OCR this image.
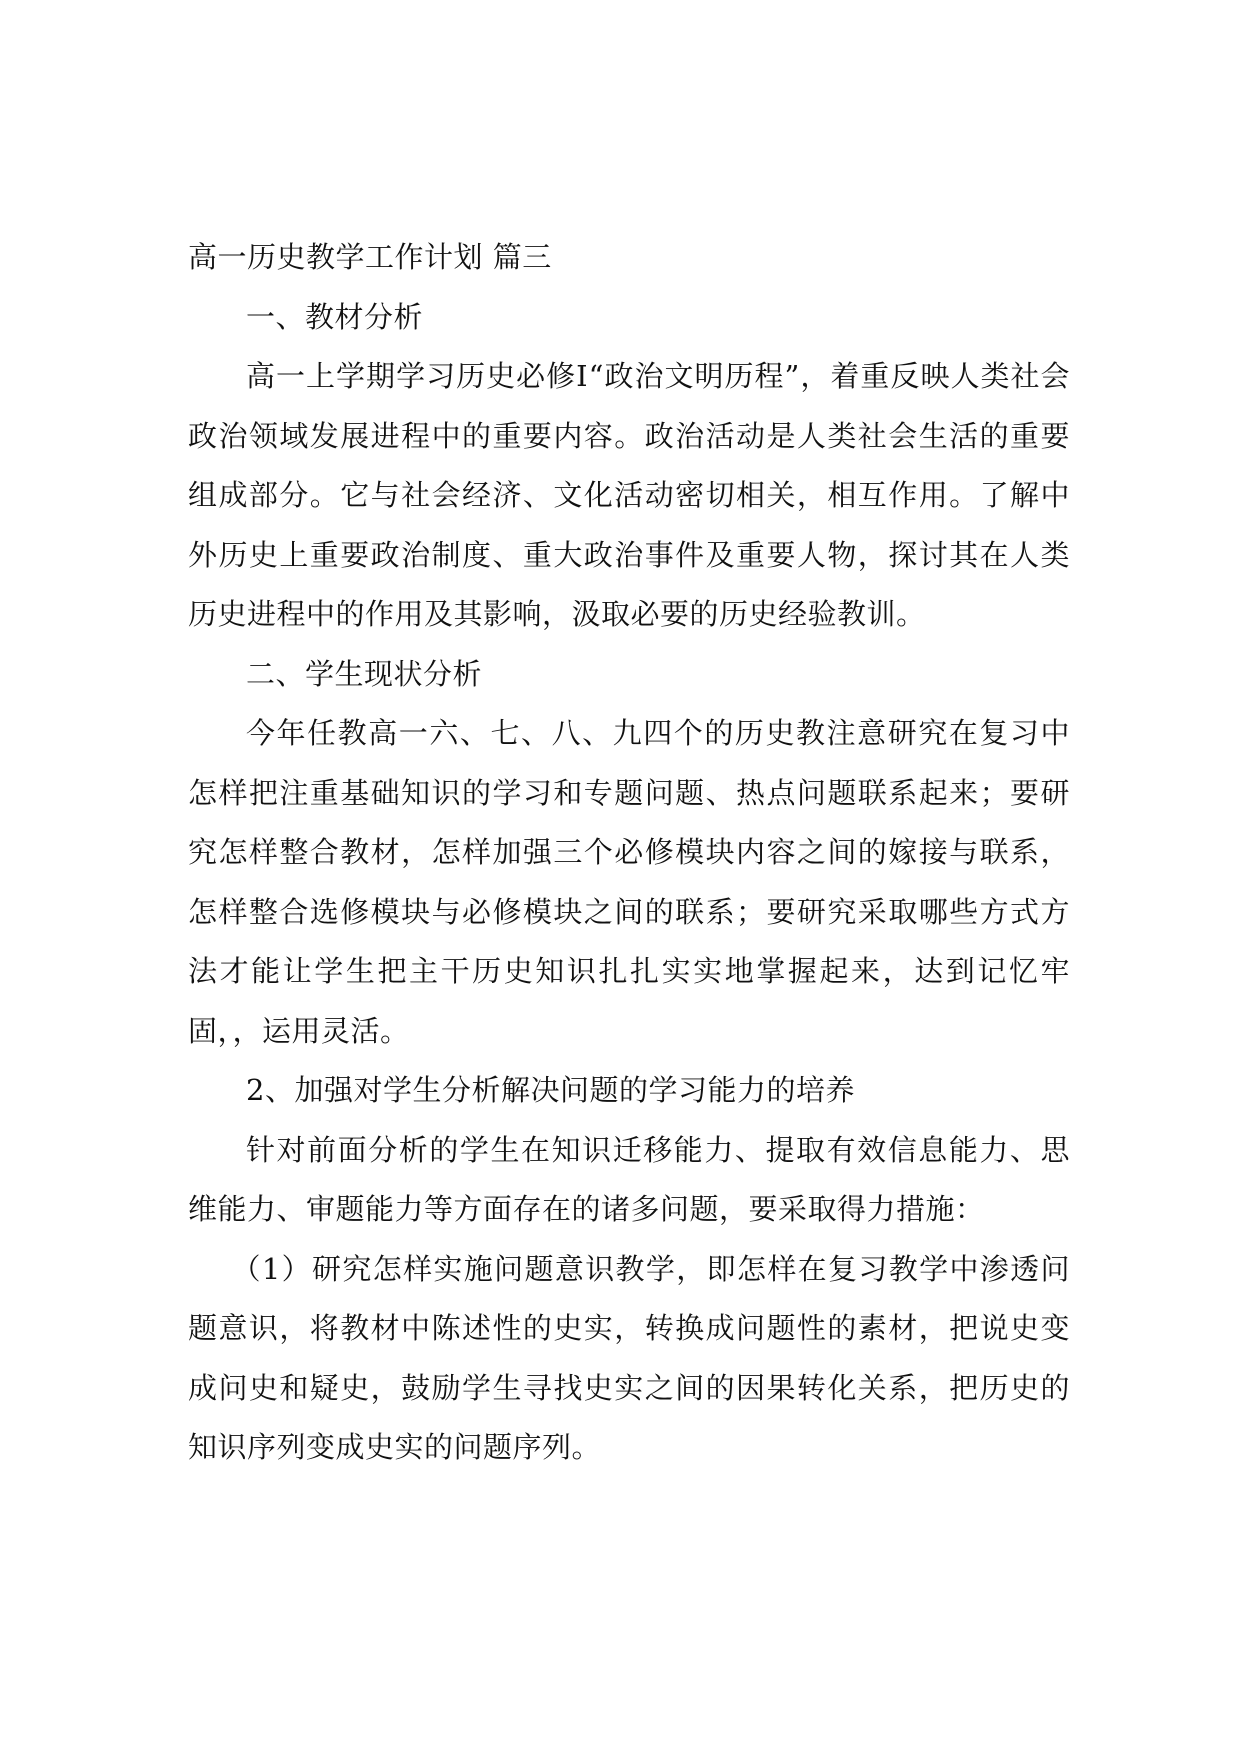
高一历史教学工作计划 篇三

一、教材分析

高一上学期学习历史必修Ⅰ“政治文明历程”，着重反映人类社会政治领域发展进程中的重要内容。政治活动是人类社会生活的重要组成部分。它与社会经济、文化活动密切相关，相互作用。了解中外历史上重要政治制度、重大政治事件及重要人物，探讨其在人类历史进程中的作用及其影响，汲取必要的历史经验教训。

二、学生现状分析

今年任教高一六、七、八、九四个的历史教注意研究在复习中怎样把注重基础知识的学习和专题问题、热点问题联系起来；要研究怎样整合教材，怎样加强三个必修模块内容之间的嫁接与联系，怎样整合选修模块与必修模块之间的联系；要研究采取哪些方式方法才能让学生把主干历史知识扎扎实实地掌握起来，达到记忆牢固，，运用灵活。

2、加强对学生分析解决问题的学习能力的培养

针对前面分析的学生在知识迁移能力、提取有效信息能力、思维能力、审题能力等方面存在的诸多问题，要采取得力措施：

（1）研究怎样实施问题意识教学，即怎样在复习教学中渗透问题意识，将教材中陈述性的史实，转换成问题性的素材，把说史变成问史和疑史，鼓励学生寻找史实之间的因果转化关系，把历史的知识序列变成史实的问题序列。
